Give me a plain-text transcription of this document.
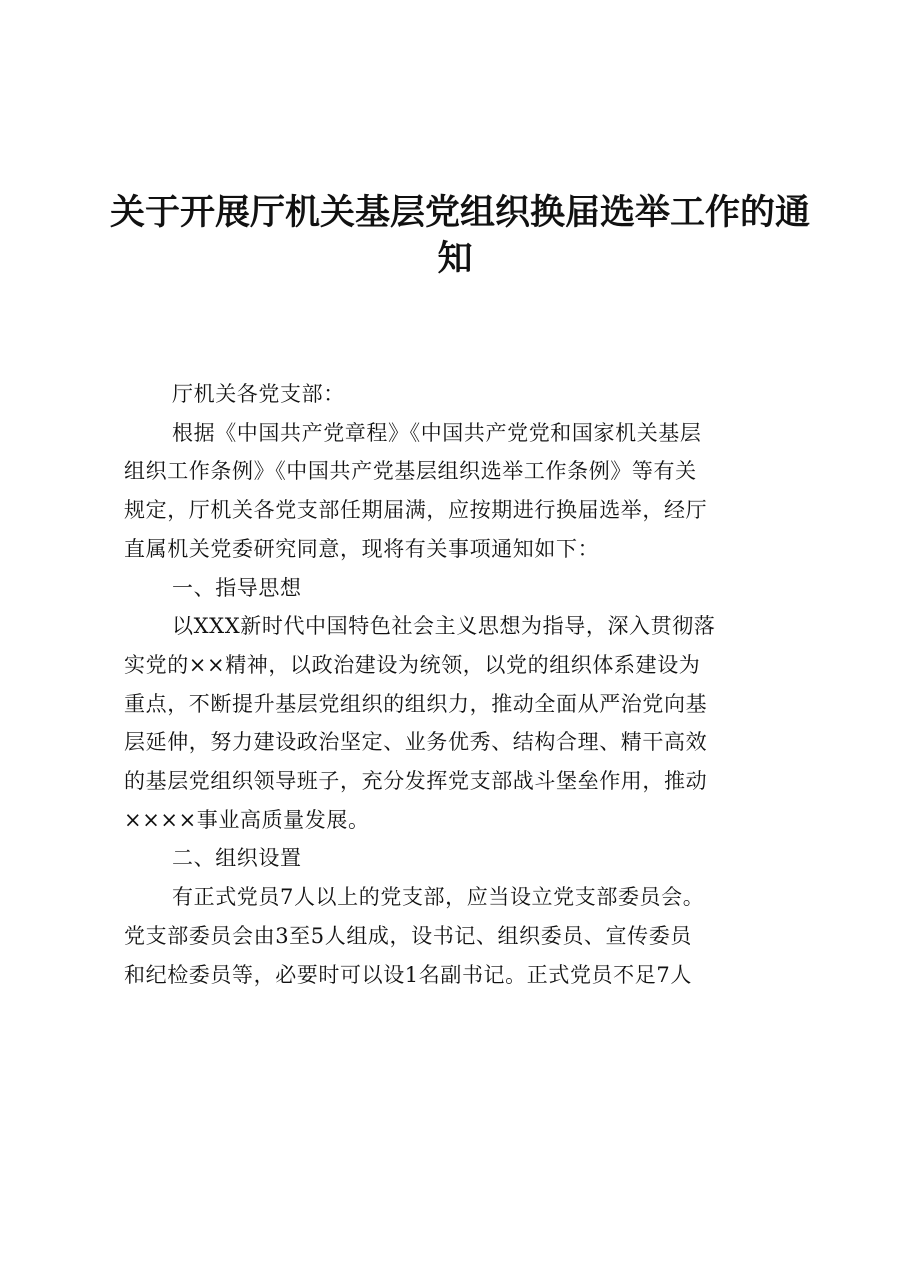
关于开展厅机关基层党组织换届选举工作的通
知

厅机关各党支部：

根据《中国共产党章程》《中国共产党党和国家机关基层
组织工作条例》《中国共产党基层组织选举工作条例》等有关
规定，厅机关各党支部任期届满，应按期进行换届选举，经厅
直属机关党委研究同意，现将有关事项通知如下：

一、指导思想

以XXX新时代中国特色社会主义思想为指导，深入贯彻落
实党的××精神，以政治建设为统领，以党的组织体系建设为
重点，不断提升基层党组织的组织力，推动全面从严治党向基
层延伸，努力建设政治坚定、业务优秀、结构合理、精干高效
的基层党组织领导班子，充分发挥党支部战斗堡垒作用，推动
××××事业高质量发展。

二、组织设置

有正式党员7人以上的党支部，应当设立党支部委员会。
党支部委员会由3至5人组成，设书记、组织委员、宣传委员
和纪检委员等，必要时可以设1名副书记。正式党员不足7人
